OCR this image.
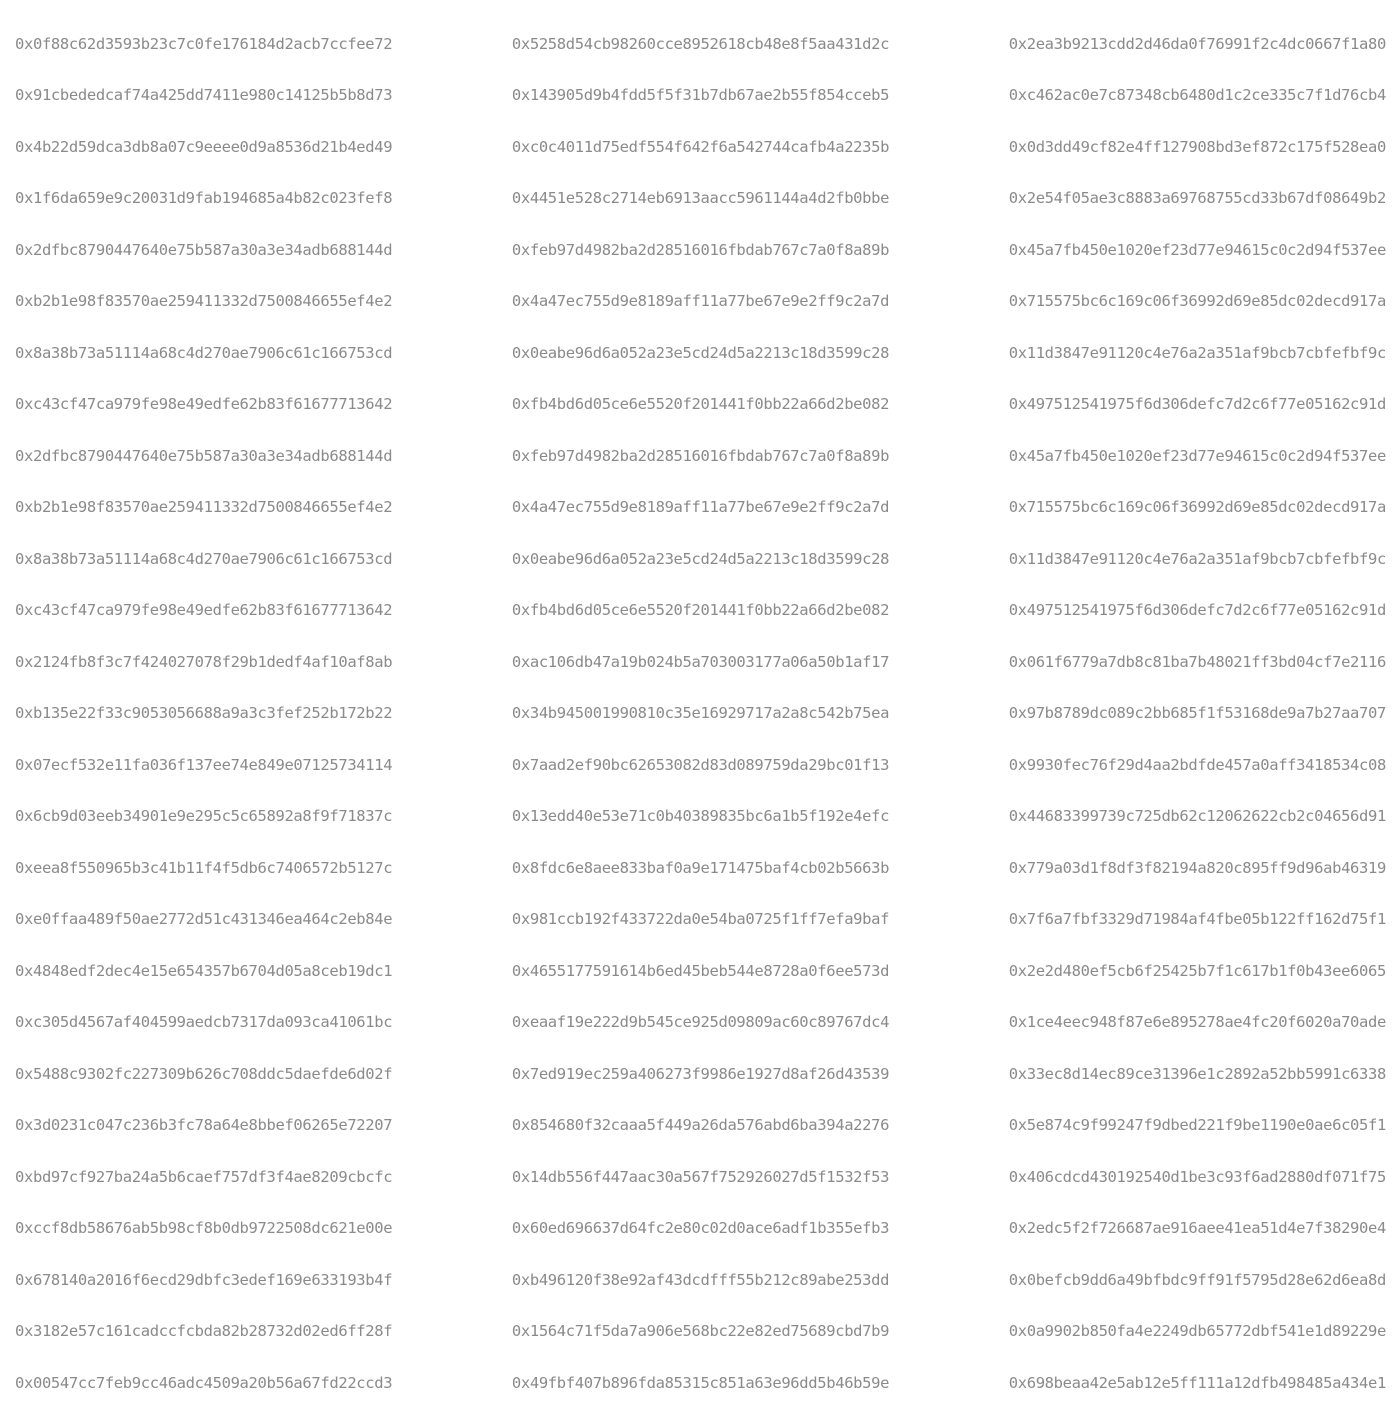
0x0f88c62d3593b23c7c0fe176184d2acb7ccfee72	0x5258d54cb98260cce8952618cb48e8f5aa431d2c	0x2ea3b9213cdd2d46da0f76991f2c4dc0667f1a80
0x91cbededcaf74a425dd7411e980c14125b5b8d73	0x143905d9b4fdd5f5f31b7db67ae2b55f854cceb5	0xc462ac0e7c87348cb6480d1c2ce335c7f1d76cb4
0x4b22d59dca3db8a07c9eeee0d9a8536d21b4ed49	0xc0c4011d75edf554f642f6a542744cafb4a2235b	0x0d3dd49cf82e4ff127908bd3ef872c175f528ea0
0x1f6da659e9c20031d9fab194685a4b82c023fef8	0x4451e528c2714eb6913aacc5961144a4d2fb0bbe	0x2e54f05ae3c8883a69768755cd33b67df08649b2
0x2dfbc8790447640e75b587a30a3e34adb688144d	0xfeb97d4982ba2d28516016fbdab767c7a0f8a89b	0x45a7fb450e1020ef23d77e94615c0c2d94f537ee
0xb2b1e98f83570ae259411332d7500846655ef4e2	0x4a47ec755d9e8189aff11a77be67e9e2ff9c2a7d	0x715575bc6c169c06f36992d69e85dc02decd917a
0x8a38b73a51114a68c4d270ae7906c61c166753cd	0x0eabe96d6a052a23e5cd24d5a2213c18d3599c28	0x11d3847e91120c4e76a2a351af9bcb7cbfefbf9c
0xc43cf47ca979fe98e49edfe62b83f61677713642	0xfb4bd6d05ce6e5520f201441f0bb22a66d2be082	0x497512541975f6d306defc7d2c6f77e05162c91d
0x2dfbc8790447640e75b587a30a3e34adb688144d	0xfeb97d4982ba2d28516016fbdab767c7a0f8a89b	0x45a7fb450e1020ef23d77e94615c0c2d94f537ee
0xb2b1e98f83570ae259411332d7500846655ef4e2	0x4a47ec755d9e8189aff11a77be67e9e2ff9c2a7d	0x715575bc6c169c06f36992d69e85dc02decd917a
0x8a38b73a51114a68c4d270ae7906c61c166753cd	0x0eabe96d6a052a23e5cd24d5a2213c18d3599c28	0x11d3847e91120c4e76a2a351af9bcb7cbfefbf9c
0xc43cf47ca979fe98e49edfe62b83f61677713642	0xfb4bd6d05ce6e5520f201441f0bb22a66d2be082	0x497512541975f6d306defc7d2c6f77e05162c91d
0x2124fb8f3c7f424027078f29b1dedf4af10af8ab	0xac106db47a19b024b5a703003177a06a50b1af17	0x061f6779a7db8c81ba7b48021ff3bd04cf7e2116
0xb135e22f33c9053056688a9a3c3fef252b172b22	0x34b945001990810c35e16929717a2a8c542b75ea	0x97b8789dc089c2bb685f1f53168de9a7b27aa707
0x07ecf532e11fa036f137ee74e849e07125734114	0x7aad2ef90bc62653082d83d089759da29bc01f13	0x9930fec76f29d4aa2bdfde457a0aff3418534c08
0x6cb9d03eeb34901e9e295c5c65892a8f9f71837c	0x13edd40e53e71c0b40389835bc6a1b5f192e4efc	0x44683399739c725db62c12062622cb2c04656d91
0xeea8f550965b3c41b11f4f5db6c7406572b5127c	0x8fdc6e8aee833baf0a9e171475baf4cb02b5663b	0x779a03d1f8df3f82194a820c895ff9d96ab46319
0xe0ffaa489f50ae2772d51c431346ea464c2eb84e	0x981ccb192f433722da0e54ba0725f1ff7efa9baf	0x7f6a7fbf3329d71984af4fbe05b122ff162d75f1
0x4848edf2dec4e15e654357b6704d05a8ceb19dc1	0x4655177591614b6ed45beb544e8728a0f6ee573d	0x2e2d480ef5cb6f25425b7f1c617b1f0b43ee6065
0xc305d4567af404599aedcb7317da093ca41061bc	0xeaaf19e222d9b545ce925d09809ac60c89767dc4	0x1ce4eec948f87e6e895278ae4fc20f6020a70ade
0x5488c9302fc227309b626c708ddc5daefde6d02f	0x7ed919ec259a406273f9986e1927d8af26d43539	0x33ec8d14ec89ce31396e1c2892a52bb5991c6338
0x3d0231c047c236b3fc78a64e8bbef06265e72207	0x854680f32caaa5f449a26da576abd6ba394a2276	0x5e874c9f99247f9dbed221f9be1190e0ae6c05f1
0xbd97cf927ba24a5b6caef757df3f4ae8209cbcfc	0x14db556f447aac30a567f752926027d5f1532f53	0x406cdcd430192540d1be3c93f6ad2880df071f75
0xccf8db58676ab5b98cf8b0db9722508dc621e00e	0x60ed696637d64fc2e80c02d0ace6adf1b355efb3	0x2edc5f2f726687ae916aee41ea51d4e7f38290e4
0x678140a2016f6ecd29dbfc3edef169e633193b4f	0xb496120f38e92af43dcdfff55b212c89abe253dd	0x0befcb9dd6a49bfbdc9ff91f5795d28e62d6ea8d
0x3182e57c161cadccfcbda82b28732d02ed6ff28f	0x1564c71f5da7a906e568bc22e82ed75689cbd7b9	0x0a9902b850fa4e2249db65772dbf541e1d89229e
0x00547cc7feb9cc46adc4509a20b56a67fd22ccd3	0x49fbf407b896fda85315c851a63e96dd5b46b59e	0x698beaa42e5ab12e5ff111a12dfb498485a434e1
